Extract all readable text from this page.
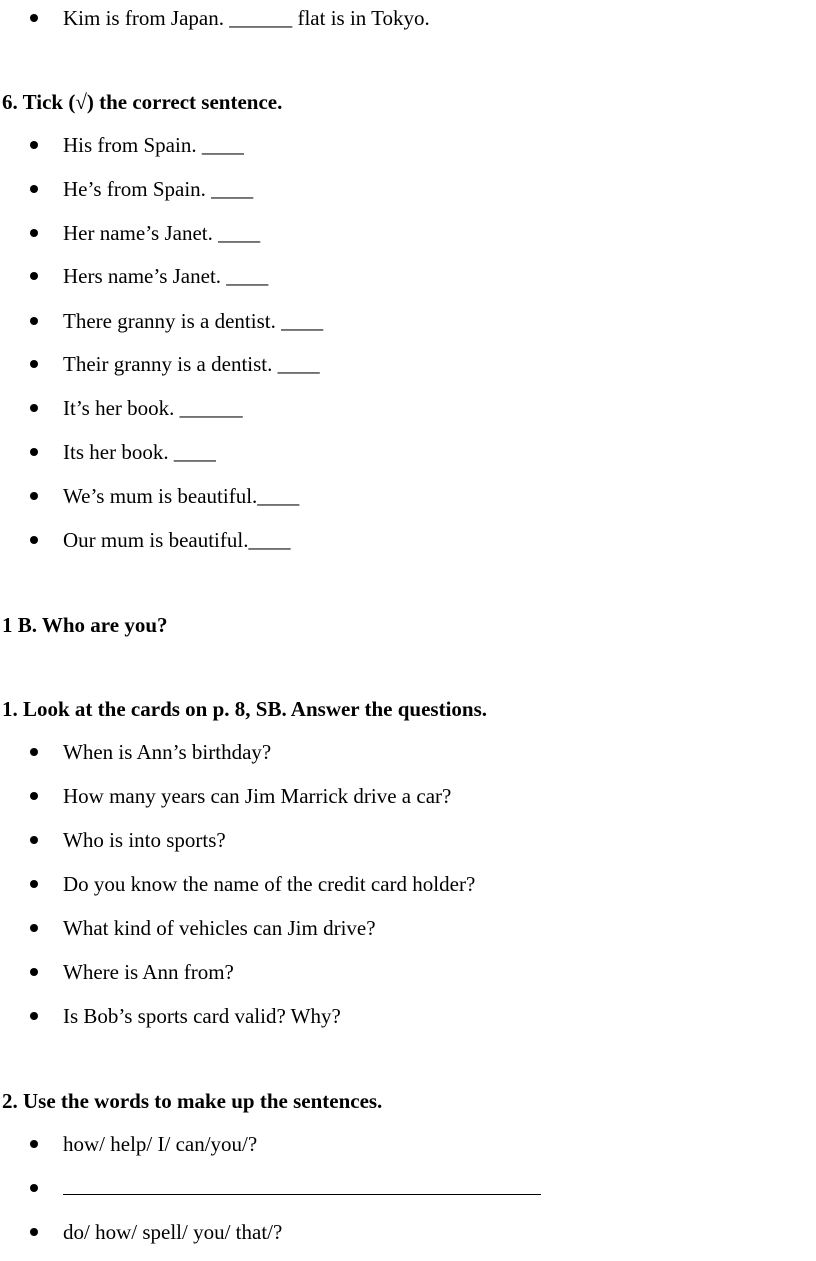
Kim is from Japan. ______ flat is in Tokyo.
6. Tick (√) the correct sentence.
His from Spain. ____
He’s from Spain. ____
Her name’s Janet. ____
Hers name’s Janet. ____
There granny is a dentist. ____
Their granny is a dentist. ____
It’s her book. ______
Its her book. ____
We’s mum is beautiful.____
Our mum is beautiful.____
1 B. Who are you?
1. Look at the cards on p. 8, SB. Answer the questions.
When is Ann’s birthday?
How many years can Jim Marrick drive a car?
Who is into sports?
Do you know the name of the credit card holder?
What kind of vehicles can Jim drive?
Where is Ann from?
Is Bob’s sports card valid? Why?
2. Use the words to make up the sentences.
how/ help/ I/ can/you/?
do/ how/ spell/ you/ that/?
